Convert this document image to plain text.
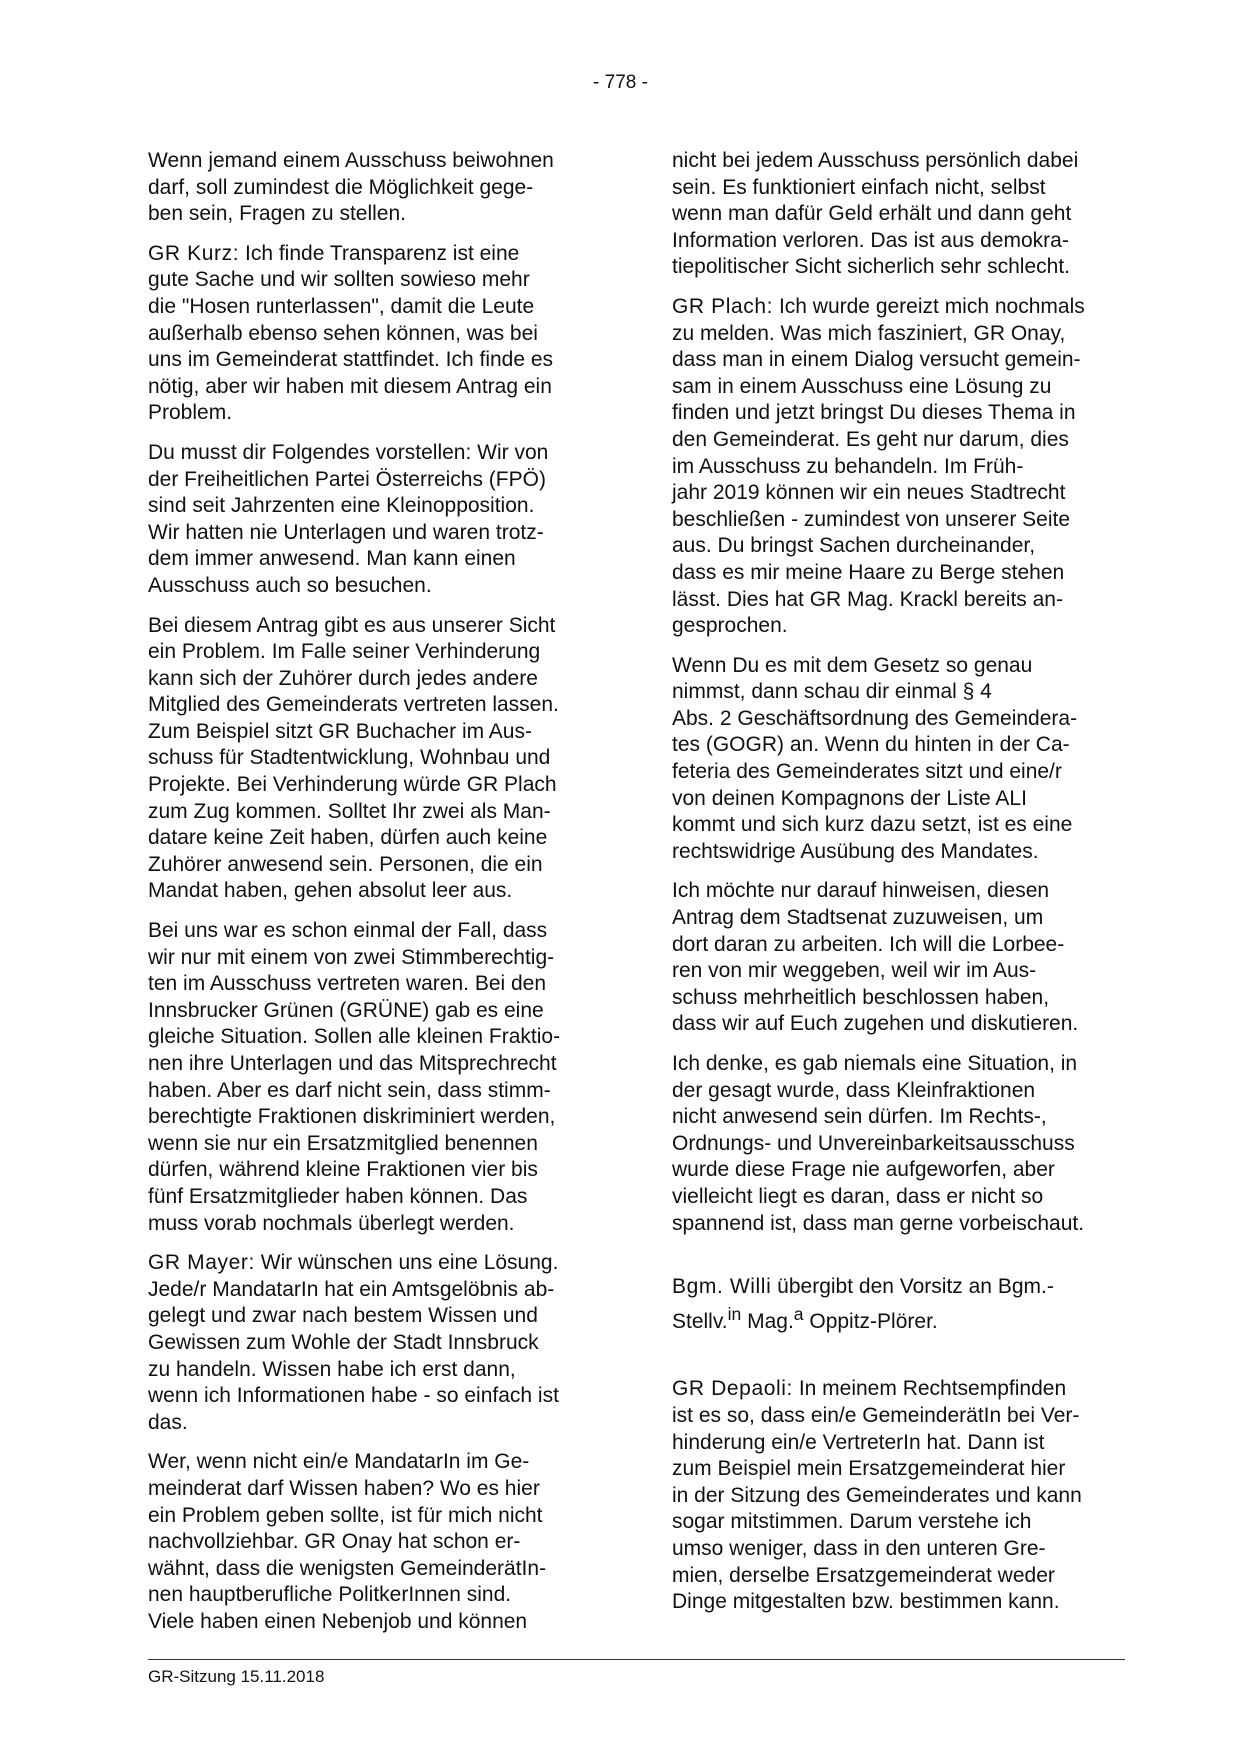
- 778 -

Wenn jemand einem Ausschuss beiwohnen
darf, soll zumindest die Möglichkeit gege-
ben sein, Fragen zu stellen.

GR Kurz: Ich finde Transparenz ist eine
gute Sache und wir sollten sowieso mehr
die "Hosen runterlassen", damit die Leute
außerhalb ebenso sehen können, was bei
uns im Gemeinderat stattfindet. Ich finde es
nötig, aber wir haben mit diesem Antrag ein
Problem.

Du musst dir Folgendes vorstellen: Wir von
der Freiheitlichen Partei Österreichs (FPÖ)
sind seit Jahrzenten eine Kleinopposition.
Wir hatten nie Unterlagen und waren trotz-
dem immer anwesend. Man kann einen
Ausschuss auch so besuchen.

Bei diesem Antrag gibt es aus unserer Sicht
ein Problem. Im Falle seiner Verhinderung
kann sich der Zuhörer durch jedes andere
Mitglied des Gemeinderats vertreten lassen.
Zum Beispiel sitzt GR Buchacher im Aus-
schuss für Stadtentwicklung, Wohnbau und
Projekte. Bei Verhinderung würde GR Plach
zum Zug kommen. Solltet Ihr zwei als Man-
datare keine Zeit haben, dürfen auch keine
Zuhörer anwesend sein. Personen, die ein
Mandat haben, gehen absolut leer aus.

Bei uns war es schon einmal der Fall, dass
wir nur mit einem von zwei Stimmberechtig-
ten im Ausschuss vertreten waren. Bei den
Innsbrucker Grünen (GRÜNE) gab es eine
gleiche Situation. Sollen alle kleinen Fraktio-
nen ihre Unterlagen und das Mitsprechrecht
haben. Aber es darf nicht sein, dass stimm-
berechtigte Fraktionen diskriminiert werden,
wenn sie nur ein Ersatzmitglied benennen
dürfen, während kleine Fraktionen vier bis
fünf Ersatzmitglieder haben können. Das
muss vorab nochmals überlegt werden.

GR Mayer: Wir wünschen uns eine Lösung.
Jede/r MandatarIn hat ein Amtsgelöbnis ab-
gelegt und zwar nach bestem Wissen und
Gewissen zum Wohle der Stadt Innsbruck
zu handeln. Wissen habe ich erst dann,
wenn ich Informationen habe - so einfach ist
das.

Wer, wenn nicht ein/e MandatarIn im Ge-
meinderat darf Wissen haben? Wo es hier
ein Problem geben sollte, ist für mich nicht
nachvollziehbar. GR Onay hat schon er-
wähnt, dass die wenigsten GemeinderätIn-
nen hauptberufliche PolitkerInnen sind.
Viele haben einen Nebenjob und können

nicht bei jedem Ausschuss persönlich dabei
sein. Es funktioniert einfach nicht, selbst
wenn man dafür Geld erhält und dann geht
Information verloren. Das ist aus demokra-
tiepolitischer Sicht sicherlich sehr schlecht.

GR Plach: Ich wurde gereizt mich nochmals
zu melden. Was mich fasziniert, GR Onay,
dass man in einem Dialog versucht gemein-
sam in einem Ausschuss eine Lösung zu
finden und jetzt bringst Du dieses Thema in
den Gemeinderat. Es geht nur darum, dies
im Ausschuss zu behandeln. Im Früh-
jahr 2019 können wir ein neues Stadtrecht
beschließen - zumindest von unserer Seite
aus. Du bringst Sachen durcheinander,
dass es mir meine Haare zu Berge stehen
lässt. Dies hat GR Mag. Krackl bereits an-
gesprochen.

Wenn Du es mit dem Gesetz so genau
nimmst, dann schau dir einmal § 4
Abs. 2 Geschäftsordnung des Gemeindera-
tes (GOGR) an. Wenn du hinten in der Ca-
feteria des Gemeinderates sitzt und eine/r
von deinen Kompagnons der Liste ALI
kommt und sich kurz dazu setzt, ist es eine
rechtswidrige Ausübung des Mandates.

Ich möchte nur darauf hinweisen, diesen
Antrag dem Stadtsenat zuzuweisen, um
dort daran zu arbeiten. Ich will die Lorbee-
ren von mir weggeben, weil wir im Aus-
schuss mehrheitlich beschlossen haben,
dass wir auf Euch zugehen und diskutieren.

Ich denke, es gab niemals eine Situation, in
der gesagt wurde, dass Kleinfraktionen
nicht anwesend sein dürfen. Im Rechts-,
Ordnungs- und Unvereinbarkeitsausschuss
wurde diese Frage nie aufgeworfen, aber
vielleicht liegt es daran, dass er nicht so
spannend ist, dass man gerne vorbeischaut.

Bgm. Willi übergibt den Vorsitz an Bgm.-
Stellv.$^{in}$ Mag.$^a$ Oppitz-Plörer.

GR Depaoli: In meinem Rechtsempfinden
ist es so, dass ein/e GemeinderätIn bei Ver-
hinderung ein/e VertreterIn hat. Dann ist
zum Beispiel mein Ersatzgemeinderat hier
in der Sitzung des Gemeinderates und kann
sogar mitstimmen. Darum verstehe ich
umso weniger, dass in den unteren Gre-
mien, derselbe Ersatzgemeinderat weder
Dinge mitgestalten bzw. bestimmen kann.

GR-Sitzung 15.11.2018
